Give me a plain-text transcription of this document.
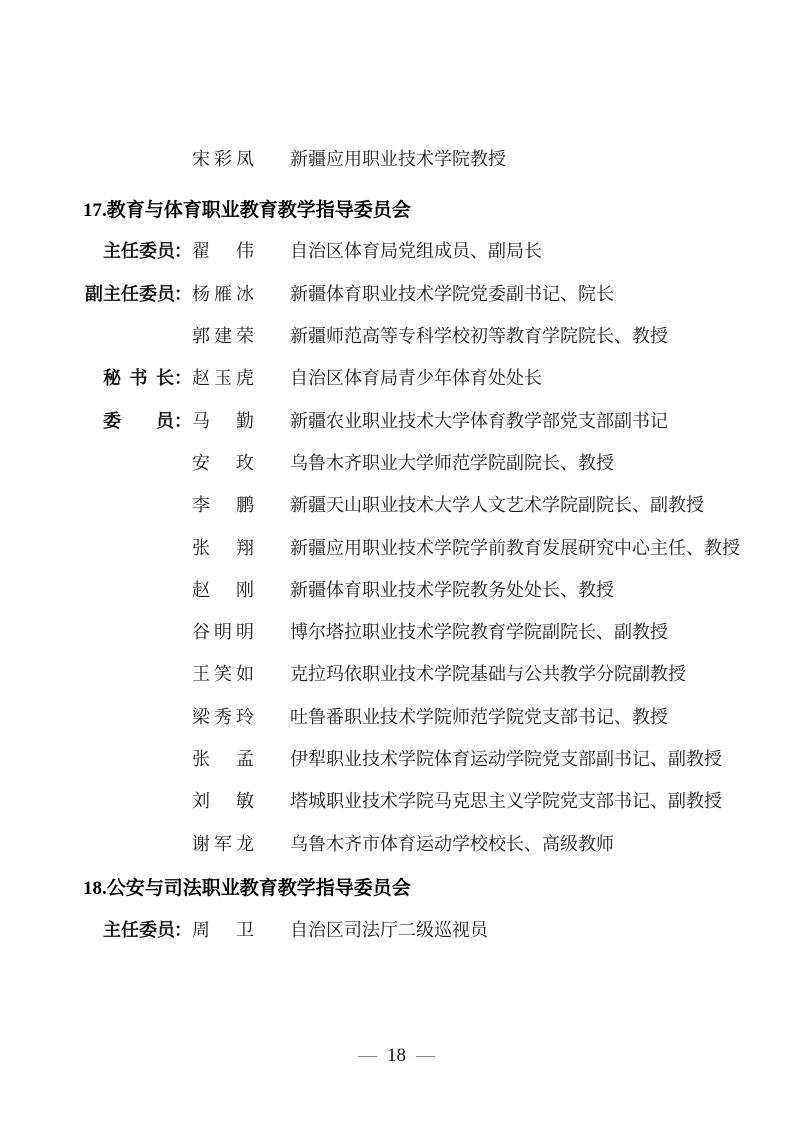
宋彩凤	新疆应用职业技术学院教授
17.教育与体育职业教育教学指导委员会
主任委员： 翟伟	自治区体育局党组成员、副局长
副主任委员： 杨雁冰	新疆体育职业技术学院党委副书记、院长
郭建荣	新疆师范高等专科学校初等教育学院院长、教授
秘书长： 赵玉虎	自治区体育局青少年体育处处长
委员： 马勤	新疆农业职业技术大学体育教学部党支部副书记
安玫	乌鲁木齐职业大学师范学院副院长、教授
李鹏	新疆天山职业技术大学人文艺术学院副院长、副教授
张翔	新疆应用职业技术学院学前教育发展研究中心主任、教授
赵刚	新疆体育职业技术学院教务处处长、教授
谷明明	博尔塔拉职业技术学院教育学院副院长、副教授
王笑如	克拉玛依职业技术学院基础与公共教学分院副教授
梁秀玲	吐鲁番职业技术学院师范学院党支部书记、教授
张孟	伊犁职业技术学院体育运动学院党支部副书记、副教授
刘敏	塔城职业技术学院马克思主义学院党支部书记、副教授
谢军龙	乌鲁木齐市体育运动学校校长、高级教师
18.公安与司法职业教育教学指导委员会
主任委员： 周卫	自治区司法厅二级巡视员
— 18 —
